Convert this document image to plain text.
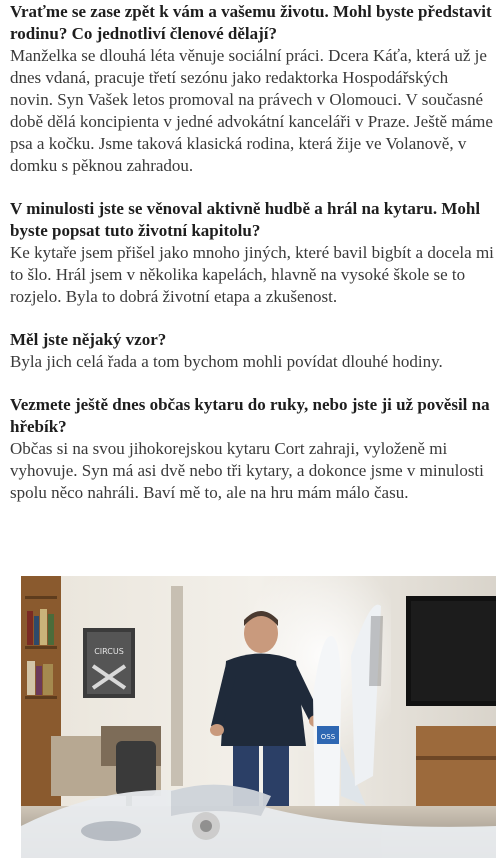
Vraťme se zase zpět k vám a vašemu životu. Mohl byste představit rodinu? Co jednotliví členové dělají?

Manželka se dlouhá léta věnuje sociální práci. Dcera Káťa, která už je dnes vdaná, pracuje třetí sezónu jako redaktorka Hospodářských novin. Syn Vašek letos promoval na právech v Olomouci. V současné době dělá koncipienta v jedné advokátní kanceláři v Praze. Ještě máme psa a kočku. Jsme taková klasická rodina, která žije ve Volanově, v domku s pěknou zahradou.

V minulosti jste se věnoval aktivně hudbě a hrál na kytaru. Mohl byste popsat tuto životní kapitolu?

Ke kytaře jsem přišel jako mnoho jiných, které bavil bigbít a docela mi to šlo. Hrál jsem v několika kapelách, hlavně na vysoké škole se to rozjelo. Byla to dobrá životní etapa a zkušenost.

Měl jste nějaký vzor?

Byla jich celá řada a tom bychom mohli povídat dlouhé hodiny.

Vezmete ještě dnes občas kytaru do ruky, nebo jste ji už pověsil na hřebík?

Občas si na svou jihokorejskou kytaru Cort zahraji, vyloženě mi vyhovuje. Syn má asi dvě nebo tři kytary, a dokonce jsme v minulosti spolu něco nahráli. Baví mě to, ale na hru mám málo času.

CIRCUS
OSS
